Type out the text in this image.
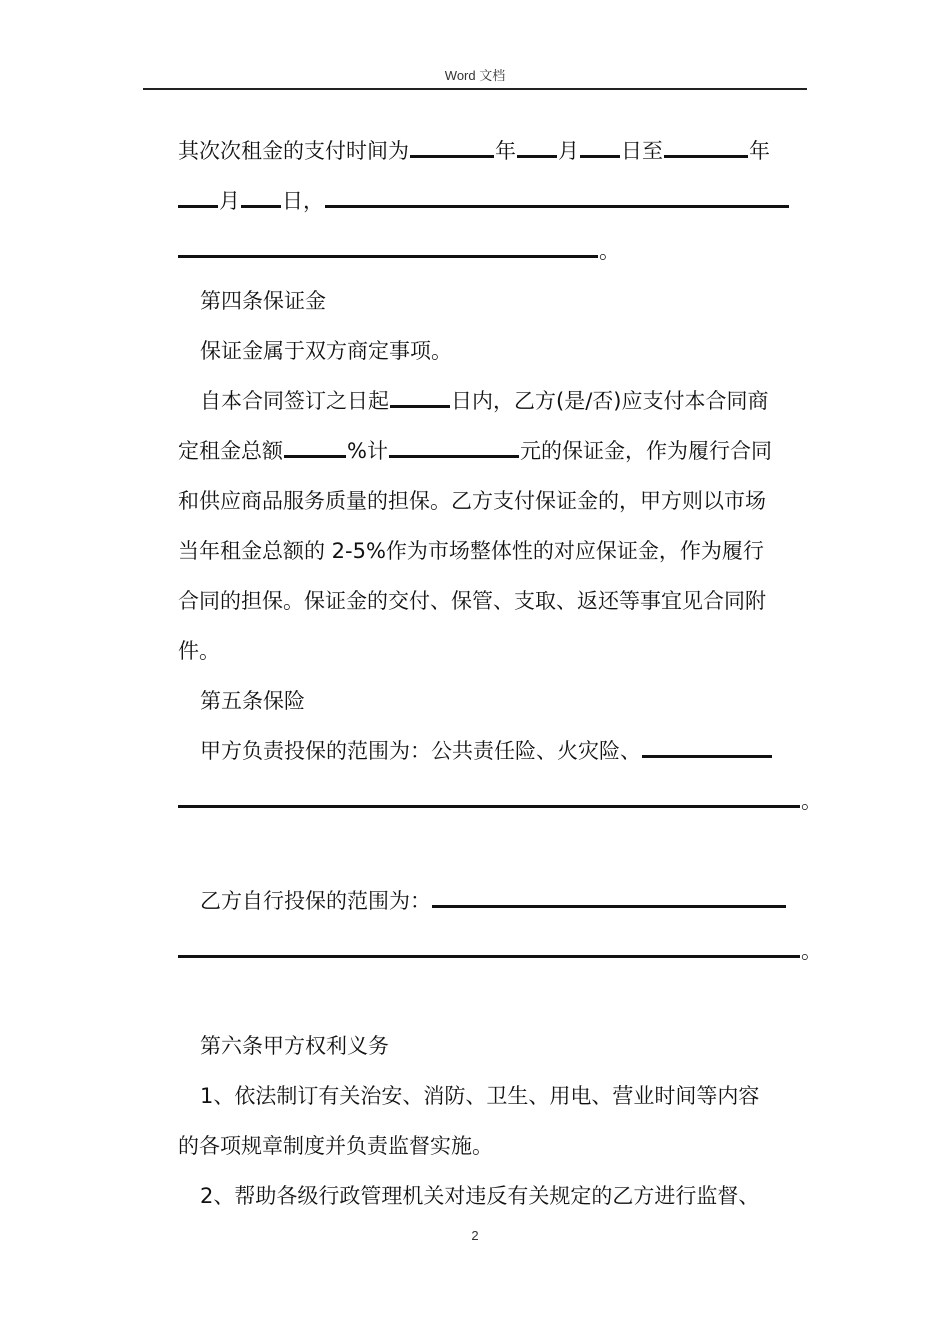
Word 文档
其次次租金的支付时间为	年 月 日至	年
月 日，
。
第四条保证金
保证金属于双方商定事项。
自本合同签订之日起	日内，乙方(是/否)应支付本合同商
定租金总额	%计	元的保证金，作为履行合同
和供应商品服务质量的担保。乙方支付保证金的，甲方则以市场
当年租金总额的 2-5%作为市场整体性的对应保证金，作为履行
合同的担保。保证金的交付、保管、支取、返还等事宜见合同附
件。
第五条保险
甲方负责投保的范围为：公共责任险、火灾险、
。
乙方自行投保的范围为：
。
第六条甲方权利义务
1、依法制订有关治安、消防、卫生、用电、营业时间等内容
的各项规章制度并负责监督实施。
2、帮助各级行政管理机关对违反有关规定的乙方进行监督、
2
